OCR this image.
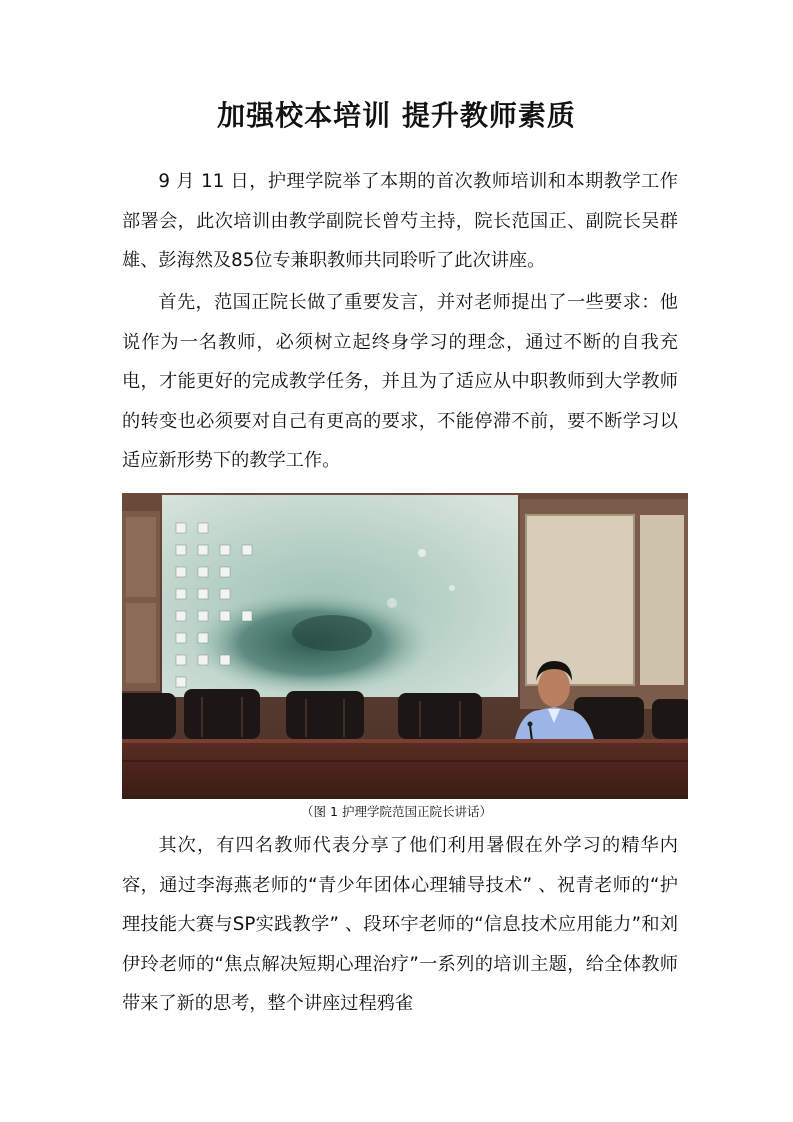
加强校本培训 提升教师素质

9 月 11 日，护理学院举了本期的首次教师培训和本期教学工作部署会，此次培训由教学副院长曾芍主持，院长范国正、副院长吴群雄、彭海然及85位专兼职教师共同聆听了此次讲座。

首先，范国正院长做了重要发言，并对老师提出了一些要求：他说作为一名教师，必须树立起终身学习的理念，通过不断的自我充电，才能更好的完成教学任务，并且为了适应从中职教师到大学教师的转变也必须要对自己有更高的要求，不能停滞不前，要不断学习以适应新形势下的教学工作。

（图 1 护理学院范国正院长讲话）

其次，有四名教师代表分享了他们利用暑假在外学习的精华内容，通过李海燕老师的“青少年团体心理辅导技术” 、祝青老师的“护理技能大赛与SP实践教学” 、段环宇老师的“信息技术应用能力”和刘伊玲老师的“焦点解决短期心理治疗”一系列的培训主题，给全体教师带来了新的思考，整个讲座过程鸦雀
